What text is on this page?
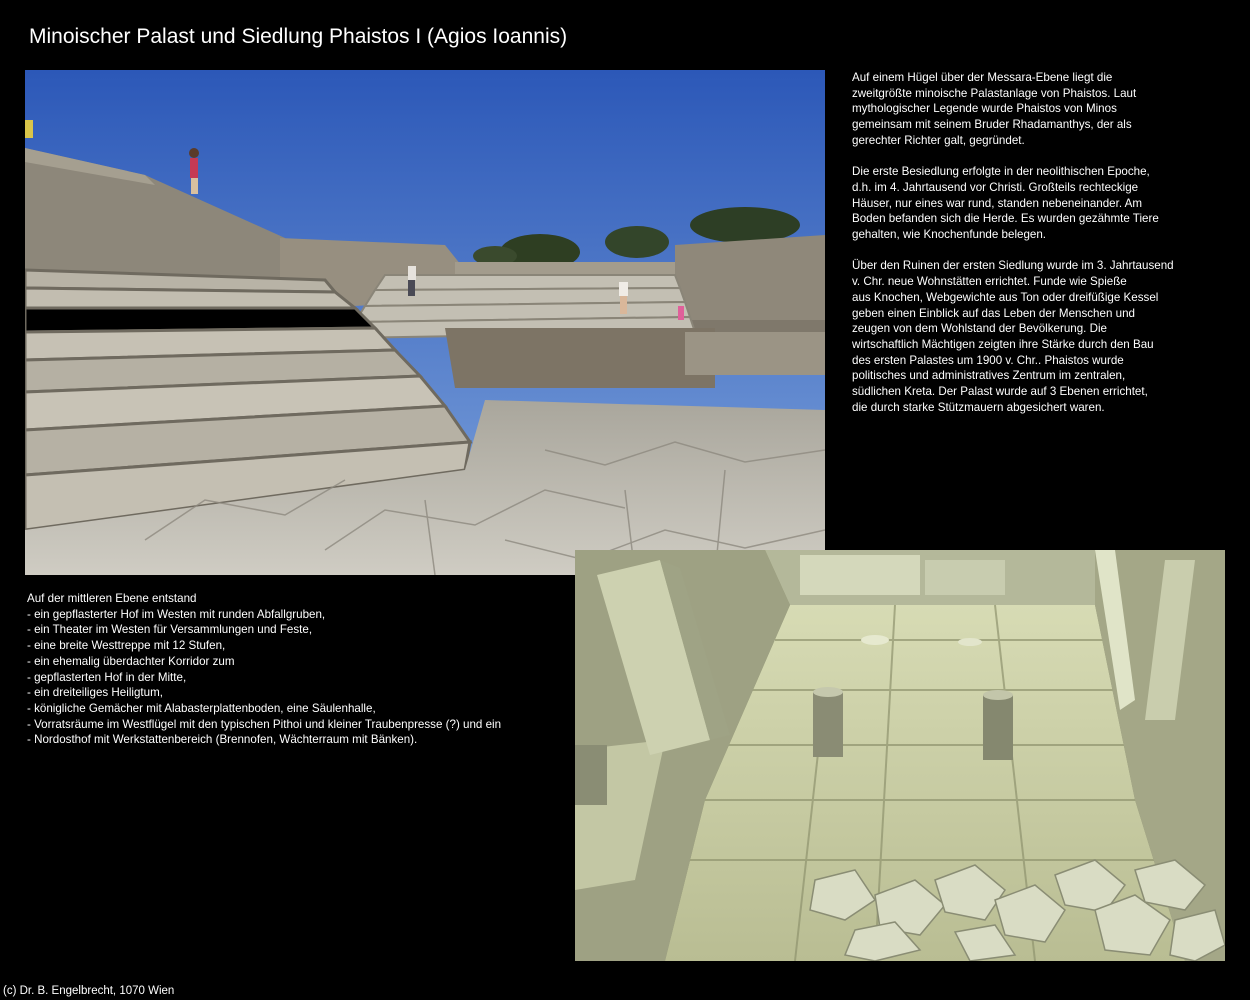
Minoischer Palast und Siedlung Phaistos I (Agios Ioannis)

Auf einem Hügel über der Messara-Ebene liegt die
zweitgrößte minoische Palastanlage von Phaistos. Laut
mythologischer Legende wurde Phaistos von Minos
gemeinsam mit seinem Bruder Rhadamanthys, der als
gerechter Richter galt, gegründet.

Die erste Besiedlung erfolgte in der neolithischen Epoche,
d.h. im 4. Jahrtausend vor Christi. Großteils rechteckige
Häuser, nur eines war rund, standen nebeneinander. Am
Boden befanden sich die Herde. Es wurden gezähmte Tiere
gehalten, wie Knochenfunde belegen.

Über den Ruinen der ersten Siedlung wurde im 3. Jahrtausend
v. Chr. neue Wohnstätten errichtet. Funde wie Spieße
aus Knochen, Webgewichte aus Ton oder dreifüßige Kessel
geben einen Einblick auf das Leben der Menschen und
zeugen von dem Wohlstand der Bevölkerung. Die
wirtschaftlich Mächtigen zeigten ihre Stärke durch den Bau
des ersten Palastes um 1900 v. Chr.. Phaistos wurde
politisches und administratives Zentrum im zentralen,
südlichen Kreta. Der Palast wurde auf 3 Ebenen errichtet,
die durch starke Stützmauern abgesichert waren.

Auf der mittleren Ebene entstand
- ein gepflasterter Hof im Westen mit runden Abfallgruben,
- ein Theater im Westen für Versammlungen und Feste,
- eine breite Westtreppe mit 12 Stufen,
- ein ehemalig überdachter Korridor zum
- gepflasterten Hof in der Mitte,
- ein dreiteiliges Heiligtum,
- königliche Gemächer mit Alabasterplattenboden, eine Säulenhalle,
- Vorratsräume im Westflügel mit den typischen Pithoi und kleiner Traubenpresse (?) und ein
- Nordosthof mit Werkstattenbereich (Brennofen, Wächterraum mit Bänken).
(c) Dr. B. Engelbrecht, 1070 Wien
